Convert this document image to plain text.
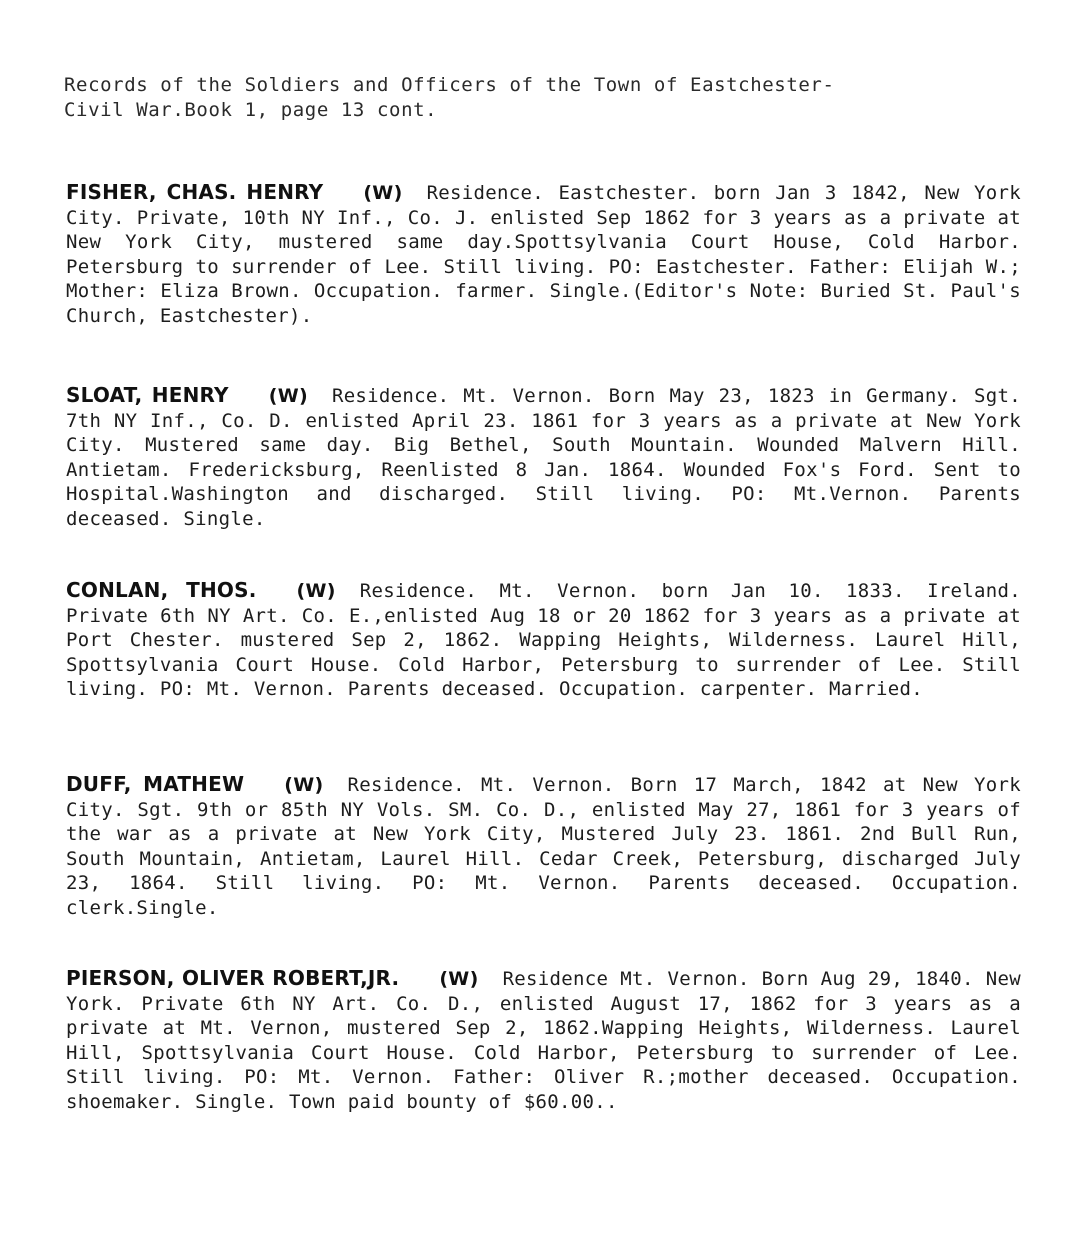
Records of the Soldiers and Officers of the Town of Eastchester-
Civil War.Book 1, page 13 cont.
FISHER, CHAS. HENRY (W) Residence. Eastchester. born Jan 3 1842, New York City. Private, 10th NY Inf., Co. J. enlisted Sep 1862 for 3 years as a private at New York City, mustered same day.Spottsylvania Court House, Cold Harbor. Petersburg to surrender of Lee. Still living. PO: Eastchester. Father: Elijah W.; Mother: Eliza Brown. Occupation. farmer. Single.(Editor's Note: Buried St. Paul's Church, Eastchester).
SLOAT, HENRY (W) Residence. Mt. Vernon. Born May 23, 1823 in Germany. Sgt. 7th NY Inf., Co. D. enlisted April 23. 1861 for 3 years as a private at New York City. Mustered same day. Big Bethel, South Mountain. Wounded Malvern Hill. Antietam. Fredericksburg, Reenlisted 8 Jan. 1864. Wounded Fox's Ford. Sent to Hospital.Washington and discharged. Still living. PO: Mt.Vernon. Parents deceased. Single.
CONLAN, THOS. (W) Residence. Mt. Vernon. born Jan 10. 1833. Ireland. Private 6th NY Art. Co. E.,enlisted Aug 18 or 20 1862 for 3 years as a private at Port Chester. mustered Sep 2, 1862. Wapping Heights, Wilderness. Laurel Hill, Spottsylvania Court House. Cold Harbor, Petersburg to surrender of Lee. Still living. PO: Mt. Vernon. Parents deceased. Occupation. carpenter. Married.
DUFF, MATHEW (W) Residence. Mt. Vernon. Born 17 March, 1842 at New York City. Sgt. 9th or 85th NY Vols. SM. Co. D., enlisted May 27, 1861 for 3 years of the war as a private at New York City, Mustered July 23. 1861. 2nd Bull Run, South Mountain, Antietam, Laurel Hill. Cedar Creek, Petersburg, discharged July 23, 1864. Still living. PO: Mt. Vernon. Parents deceased. Occupation. clerk.Single.
PIERSON, OLIVER ROBERT,JR. (W) Residence Mt. Vernon. Born Aug 29, 1840. New York. Private 6th NY Art. Co. D., enlisted August 17, 1862 for 3 years as a private at Mt. Vernon, mustered Sep 2, 1862.Wapping Heights, Wilderness. Laurel Hill, Spottsylvania Court House. Cold Harbor, Petersburg to surrender of Lee. Still living. PO: Mt. Vernon. Father: Oliver R.;mother deceased. Occupation. shoemaker. Single. Town paid bounty of $60.00..
